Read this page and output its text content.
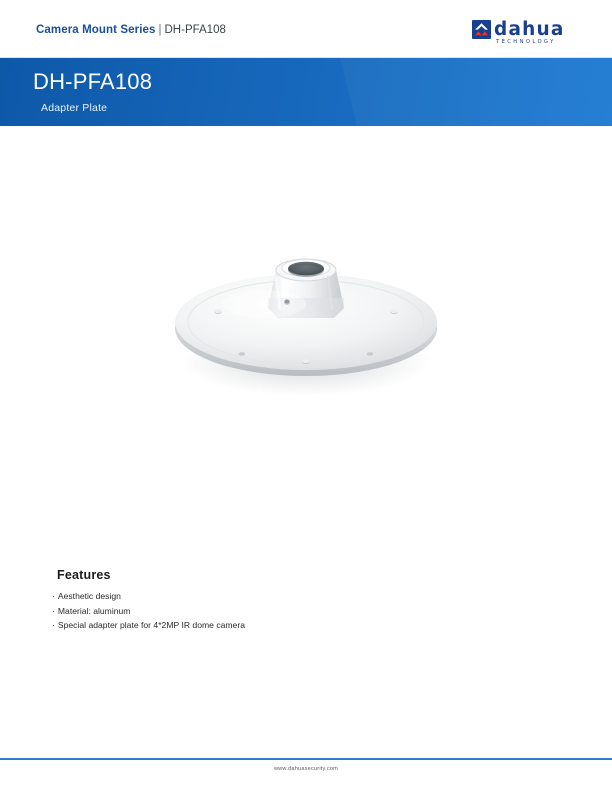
Camera Mount Series | DH-PFA108	dahua
TECHNOLOGY
DH-PFA108
Adapter Plate
Features
· Aesthetic design
· Material: aluminum
· Special adapter plate for 4*2MP IR dome camera
www.dahuasecurity.com
